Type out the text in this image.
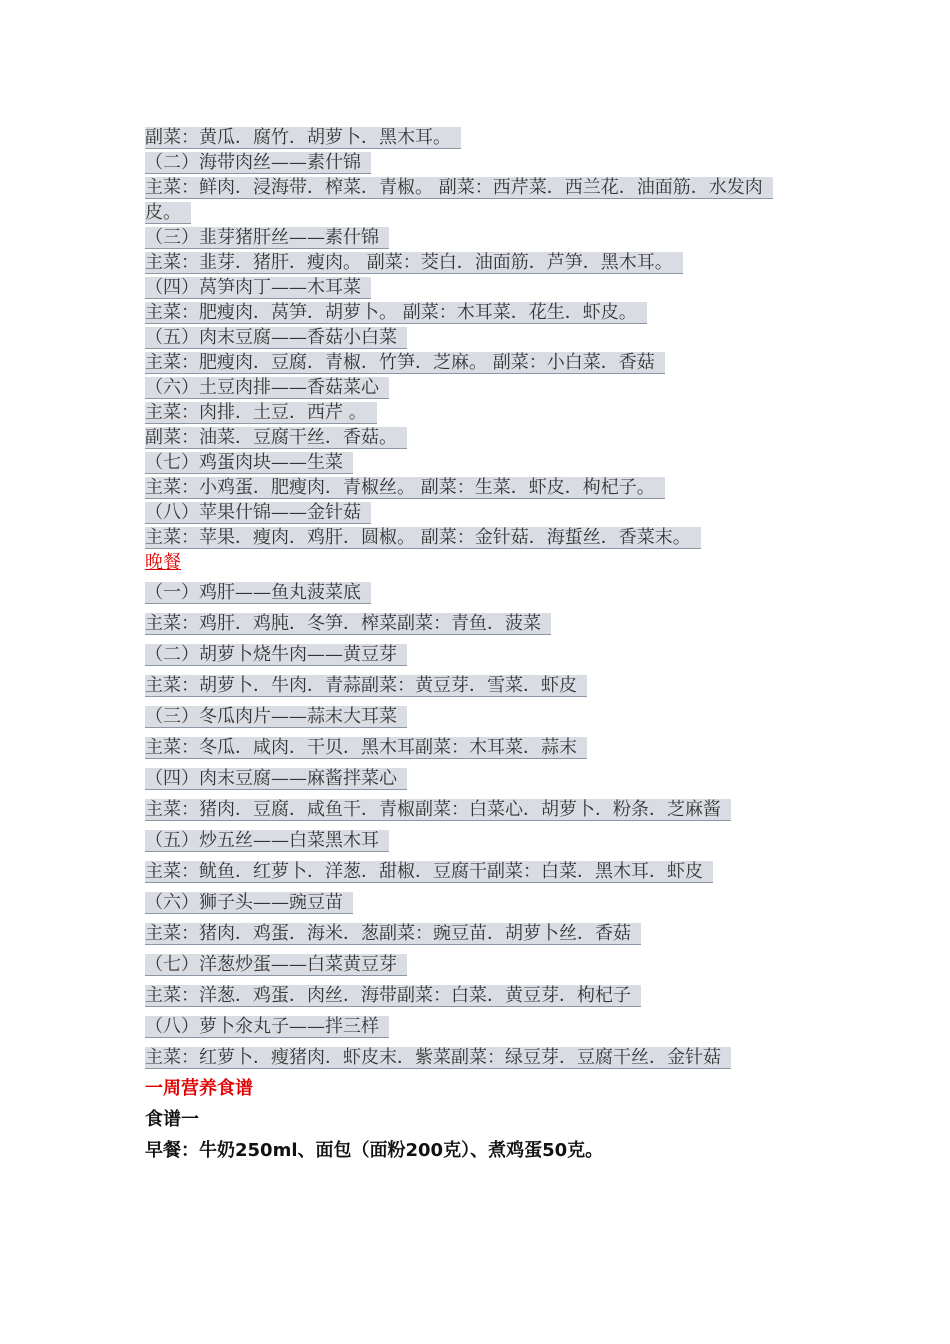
副菜：黄瓜．腐竹．胡萝卜．黑木耳。
（二）海带肉丝——素什锦
主菜：鲜肉．浸海带．榨菜．青椒。 副菜：西芹菜．西兰花．油面筋．水发肉
皮。
（三）韭芽猪肝丝——素什锦
主菜：韭芽．猪肝．瘦肉。 副菜：茭白．油面筋．芦笋．黑木耳。
（四）莴笋肉丁——木耳菜
主菜：肥瘦肉．莴笋．胡萝卜。 副菜：木耳菜．花生．虾皮。
（五）肉末豆腐——香菇小白菜
主菜：肥瘦肉．豆腐．青椒．竹笋．芝麻。 副菜：小白菜．香菇
（六）土豆肉排——香菇菜心
主菜：肉排．土豆．西芹 。
副菜：油菜．豆腐干丝．香菇。
（七）鸡蛋肉块——生菜
主菜：小鸡蛋．肥瘦肉．青椒丝。 副菜：生菜．虾皮．枸杞子。
（八）苹果什锦——金针菇
主菜：苹果．瘦肉．鸡肝．圆椒。 副菜：金针菇．海蜇丝．香菜末。
晚餐
（一）鸡肝——鱼丸菠菜底
主菜：鸡肝．鸡肫．冬笋．榨菜副菜：青鱼．菠菜
（二）胡萝卜烧牛肉——黄豆芽
主菜：胡萝卜．牛肉．青蒜副菜：黄豆芽．雪菜．虾皮
（三）冬瓜肉片——蒜末大耳菜
主菜：冬瓜．咸肉．干贝．黑木耳副菜：木耳菜．蒜末
（四）肉末豆腐——麻酱拌菜心
主菜：猪肉．豆腐．咸鱼干．青椒副菜：白菜心．胡萝卜．粉条．芝麻酱
（五）炒五丝——白菜黑木耳
主菜：鱿鱼．红萝卜．洋葱．甜椒．豆腐干副菜：白菜．黑木耳．虾皮
（六）狮子头——豌豆苗
主菜：猪肉．鸡蛋．海米．葱副菜：豌豆苗．胡萝卜丝．香菇
（七）洋葱炒蛋——白菜黄豆芽
主菜：洋葱．鸡蛋．肉丝．海带副菜：白菜．黄豆芽．枸杞子
（八）萝卜氽丸子——拌三样
主菜：红萝卜．瘦猪肉．虾皮末．紫菜副菜：绿豆芽．豆腐干丝．金针菇
一周营养食谱
食谱一
早餐：牛奶250ml、面包（面粉200克）、煮鸡蛋50克。
